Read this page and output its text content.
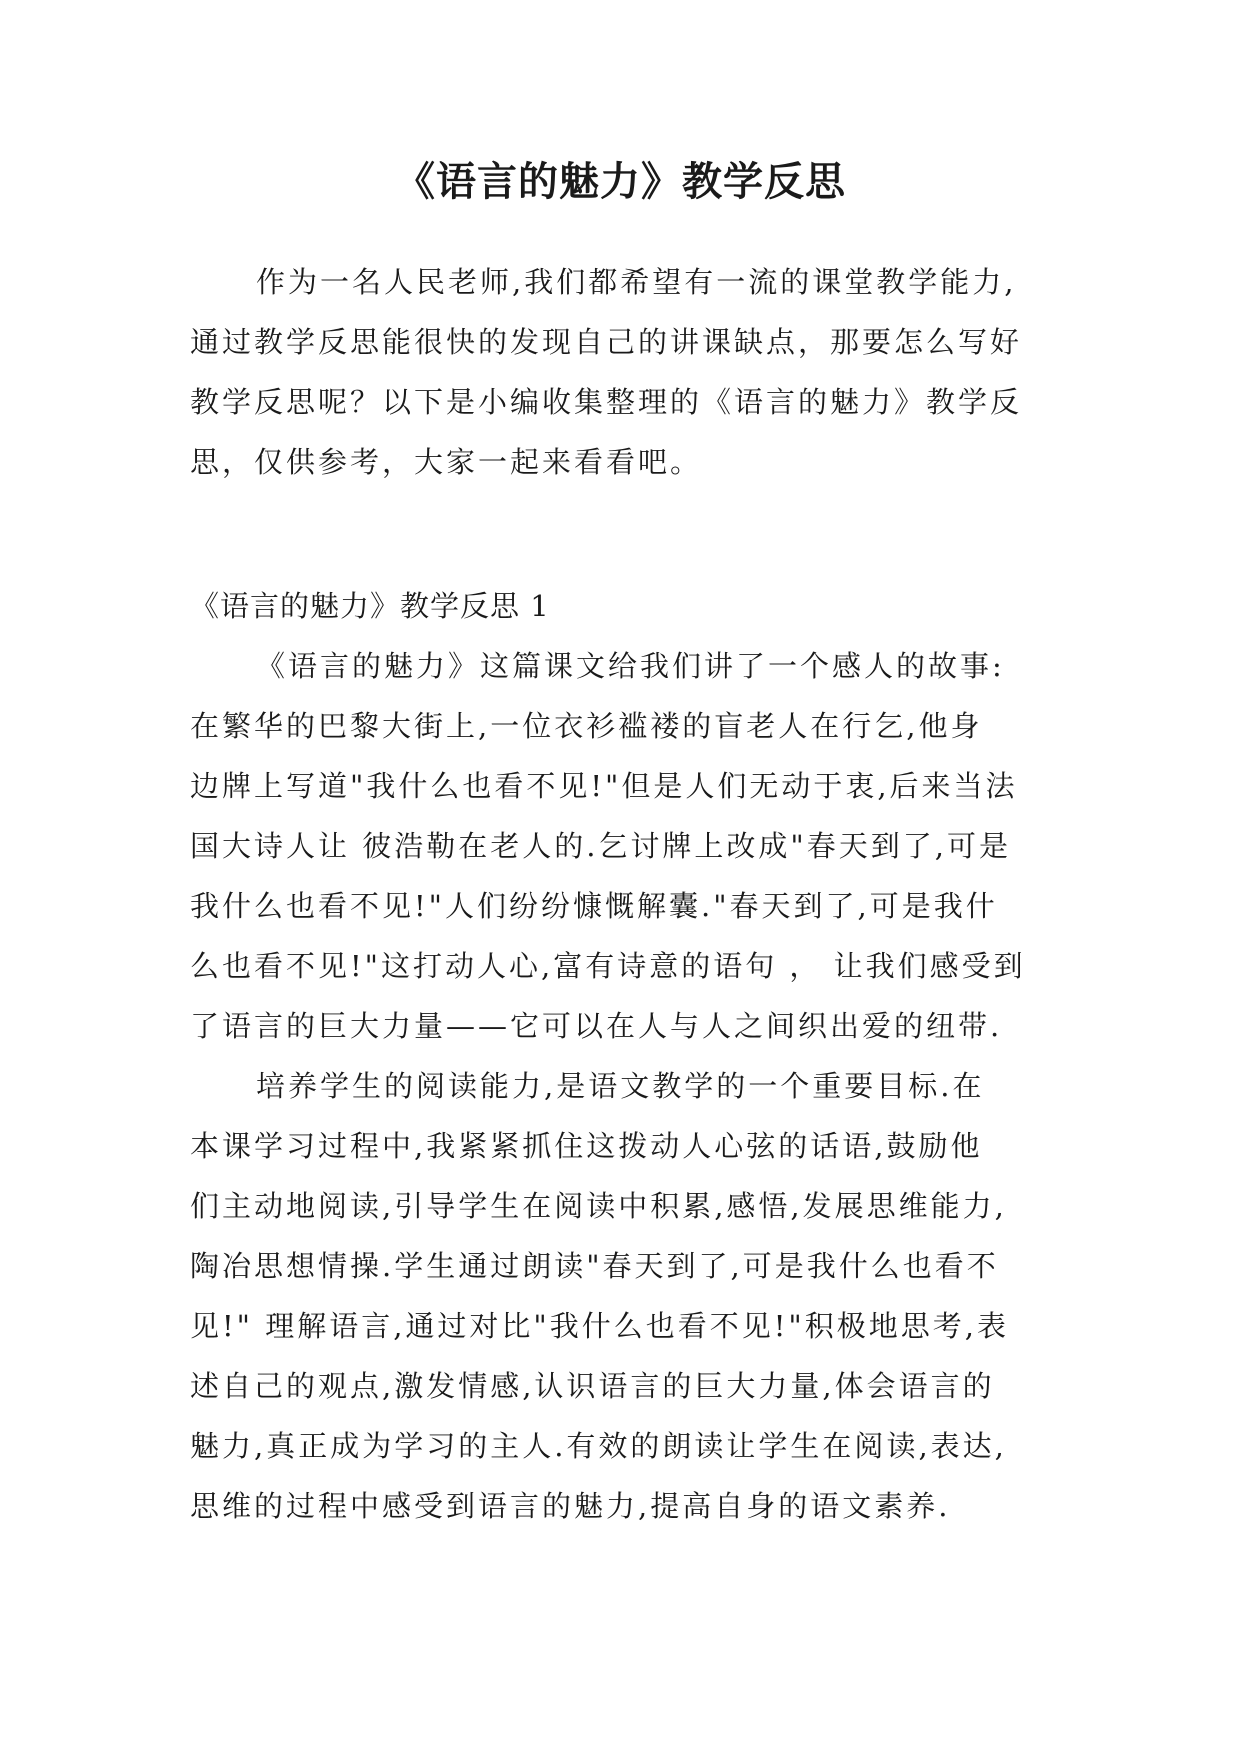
《语言的魅力》教学反思
作为一名人民老师,我们都希望有一流的课堂教学能力,
通过教学反思能很快的发现自己的讲课缺点，那要怎么写好
教学反思呢？以下是小编收集整理的《语言的魅力》教学反
思，仅供参考，大家一起来看看吧。
《语言的魅力》教学反思 1
《语言的魅力》这篇课文给我们讲了一个感人的故事:
在繁华的巴黎大街上,一位衣衫褴褛的盲老人在行乞,他身
边牌上写道"我什么也看不见!"但是人们无动于衷,后来当法
国大诗人让 彼浩勒在老人的.乞讨牌上改成"春天到了,可是
我什么也看不见!"人们纷纷慷慨解囊."春天到了,可是我什
么也看不见!"这打动人心,富有诗意的语句 ， 让我们感受到
了语言的巨大力量——它可以在人与人之间织出爱的纽带.
培养学生的阅读能力,是语文教学的一个重要目标.在
本课学习过程中,我紧紧抓住这拨动人心弦的话语,鼓励他
们主动地阅读,引导学生在阅读中积累,感悟,发展思维能力,
陶冶思想情操.学生通过朗读"春天到了,可是我什么也看不
见!" 理解语言,通过对比"我什么也看不见!"积极地思考,表
述自己的观点,激发情感,认识语言的巨大力量,体会语言的
魅力,真正成为学习的主人.有效的朗读让学生在阅读,表达,
思维的过程中感受到语言的魅力,提高自身的语文素养.
